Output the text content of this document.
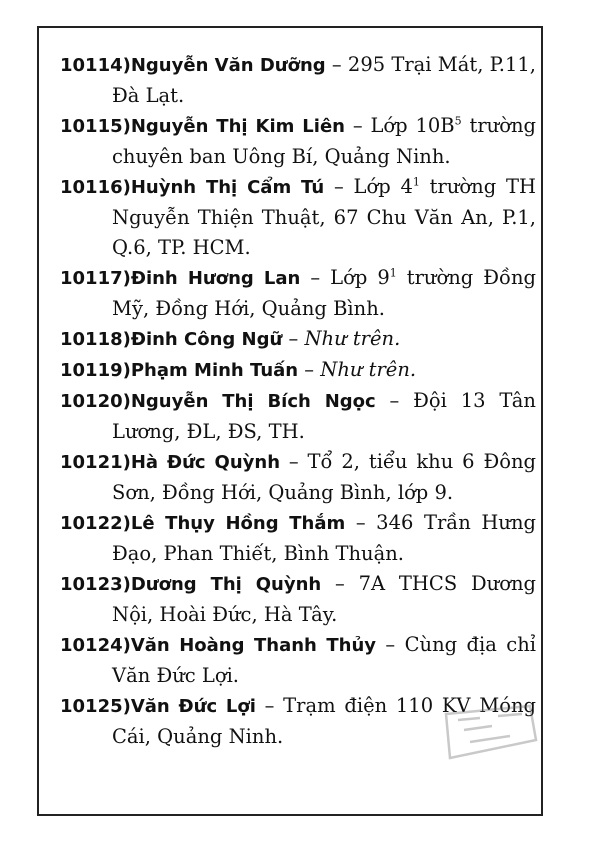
10114)Nguyễn Văn Dưỡng – 295 Trại Mát, P.11, Đà Lạt.

10115)Nguyễn Thị Kim Liên – Lớp $10B^5$ trường chuyên ban Uông Bí, Quảng Ninh.

10116)Huỳnh Thị Cẩm Tú – Lớp $4^1$ trường TH Nguyễn Thiện Thuật, 67 Chu Văn An, P.1, Q.6, TP. HCM.

10117)Đinh Hương Lan – Lớp $9^1$ trường Đồng Mỹ, Đồng Hới, Quảng Bình.

10118)Đinh Công Ngữ – Như trên.

10119)Phạm Minh Tuấn – Như trên.

10120)Nguyễn Thị Bích Ngọc – Đội 13 Tân Lương, ĐL, ĐS, TH.

10121)Hà Đức Quỳnh – Tổ 2, tiểu khu 6 Đông Sơn, Đồng Hới, Quảng Bình, lớp 9.

10122)Lê Thụy Hồng Thắm – 346 Trần Hưng Đạo, Phan Thiết, Bình Thuận.

10123)Dương Thị Quỳnh – 7A THCS Dương Nội, Hoài Đức, Hà Tây.

10124)Văn Hoàng Thanh Thủy – Cùng địa chỉ Văn Đức Lợi.

10125)Văn Đức Lợi – Trạm điện 110 KV Móng Cái, Quảng Ninh.
